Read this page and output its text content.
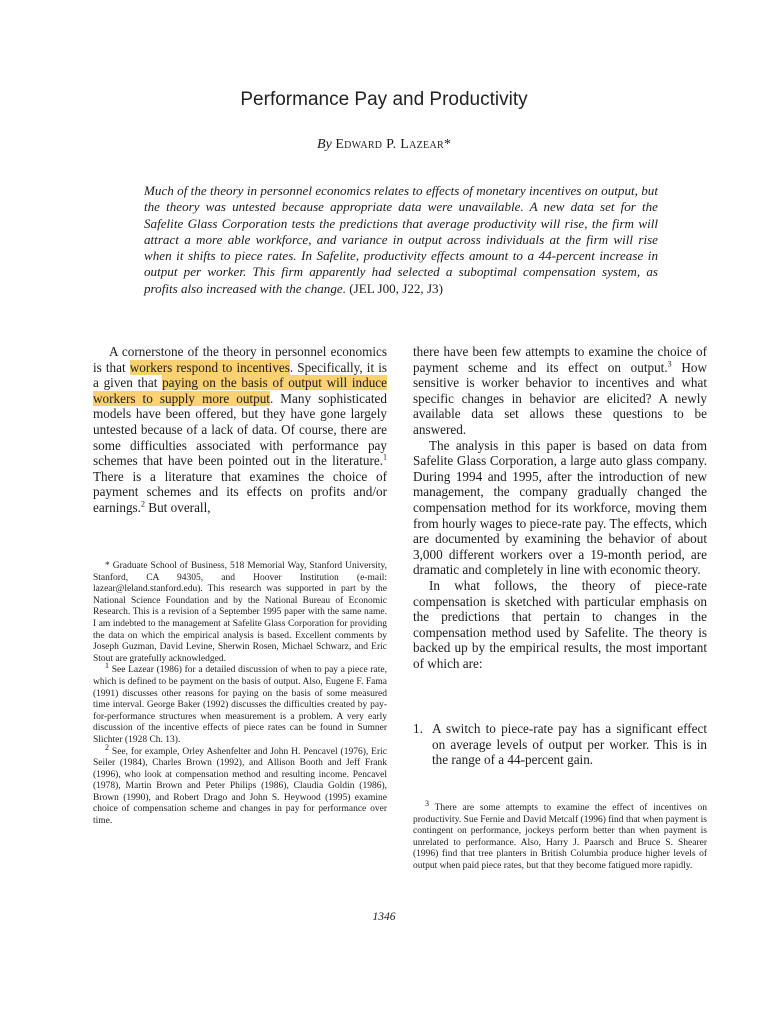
Performance Pay and Productivity
By Edward P. Lazear*

Much of the theory in personnel economics relates to effects of monetary incentives on output, but the theory was untested because appropriate data were unavailable. A new data set for the Safelite Glass Corporation tests the predictions that average productivity will rise, the firm will attract a more able workforce, and variance in output across individuals at the firm will rise when it shifts to piece rates. In Safelite, productivity effects amount to a 44-percent increase in output per worker. This firm apparently had selected a suboptimal compensation system, as profits also increased with the change. (JEL J00, J22, J3)

A cornerstone of the theory in personnel economics is that workers respond to incentives. Specifically, it is a given that paying on the basis of output will induce workers to supply more output. Many sophisticated models have been offered, but they have gone largely untested because of a lack of data. Of course, there are some difficulties associated with performance pay schemes that have been pointed out in the literature.$^1$ There is a literature that examines the choice of payment schemes and its effects on profits and/or earnings.$^2$ But overall,

* Graduate School of Business, 518 Memorial Way, Stanford University, Stanford, CA 94305, and Hoover Institution (e-mail: lazear@leland.stanford.edu). This research was supported in part by the National Science Foundation and by the National Bureau of Economic Research. This is a revision of a September 1995 paper with the same name. I am indebted to the management at Safelite Glass Corporation for providing the data on which the empirical analysis is based. Excellent comments by Joseph Guzman, David Levine, Sherwin Rosen, Michael Schwarz, and Eric Stout are gratefully acknowledged.

$^1$ See Lazear (1986) for a detailed discussion of when to pay a piece rate, which is defined to be payment on the basis of output. Also, Eugene F. Fama (1991) discusses other reasons for paying on the basis of some measured time interval. George Baker (1992) discusses the difficulties created by pay-for-performance structures when measurement is a problem. A very early discussion of the incentive effects of piece rates can be found in Sumner Slichter (1928 Ch. 13).

$^2$ See, for example, Orley Ashenfelter and John H. Pencavel (1976), Eric Seiler (1984), Charles Brown (1992), and Allison Booth and Jeff Frank (1996), who look at compensation method and resulting income. Pencavel (1978), Martin Brown and Peter Philips (1986), Claudia Goldin (1986), Brown (1990), and Robert Drago and John S. Heywood (1995) examine choice of compensation scheme and changes in pay for performance over time.

there have been few attempts to examine the choice of payment scheme and its effect on output.$^3$ How sensitive is worker behavior to incentives and what specific changes in behavior are elicited? A newly available data set allows these questions to be answered.

The analysis in this paper is based on data from Safelite Glass Corporation, a large auto glass company. During 1994 and 1995, after the introduction of new management, the company gradually changed the compensation method for its workforce, moving them from hourly wages to piece-rate pay. The effects, which are documented by examining the behavior of about 3,000 different workers over a 19-month period, are dramatic and completely in line with economic theory.

In what follows, the theory of piece-rate compensation is sketched with particular emphasis on the predictions that pertain to changes in the compensation method used by Safelite. The theory is backed up by the empirical results, the most important of which are:

1. A switch to piece-rate pay has a significant effect on average levels of output per worker. This is in the range of a 44-percent gain.

$^3$ There are some attempts to examine the effect of incentives on productivity. Sue Fernie and David Metcalf (1996) find that when payment is contingent on performance, jockeys perform better than when payment is unrelated to performance. Also, Harry J. Paarsch and Bruce S. Shearer (1996) find that tree planters in British Columbia produce higher levels of output when paid piece rates, but that they become fatigued more rapidly.

1346
